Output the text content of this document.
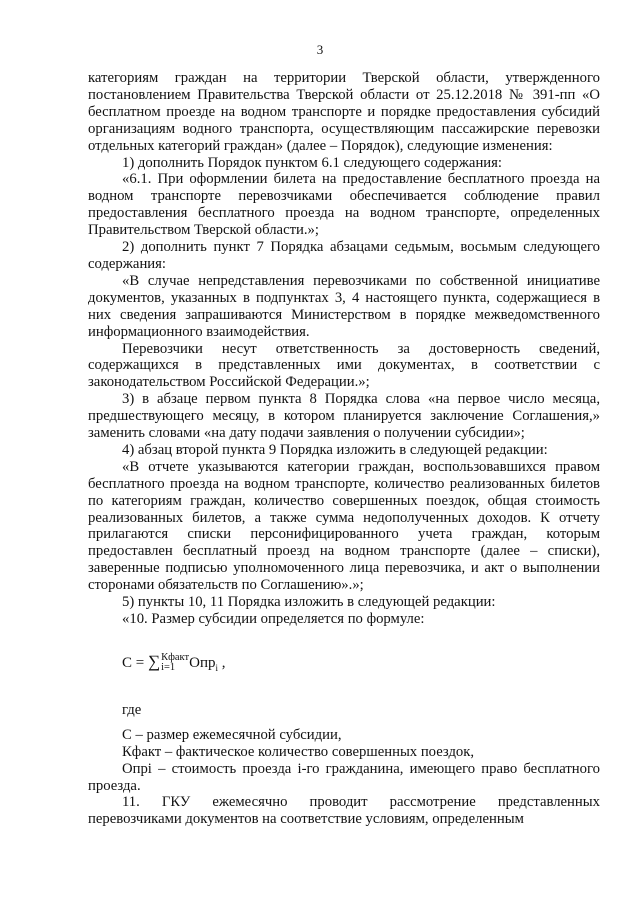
3

категориям граждан на территории Тверской области, утвержденного постановлением Правительства Тверской области от 25.12.2018 № 391-пп «О бесплатном проезде на водном транспорте и порядке предоставления субсидий организациям водного транспорта, осуществляющим пассажирские перевозки отдельных категорий граждан» (далее – Порядок), следующие изменения:

1) дополнить Порядок пунктом 6.1 следующего содержания:

«6.1. При оформлении билета на предоставление бесплатного проезда на водном транспорте перевозчиками обеспечивается соблюдение правил предоставления бесплатного проезда на водном транспорте, определенных Правительством Тверской области.»;

2) дополнить пункт 7 Порядка абзацами седьмым, восьмым следующего содержания:

«В случае непредставления перевозчиками по собственной инициативе документов, указанных в подпунктах 3, 4 настоящего пункта, содержащиеся в них сведения запрашиваются Министерством в порядке межведомственного информационного взаимодействия.

Перевозчики несут ответственность за достоверность сведений, содержащихся в представленных ими документах, в соответствии с законодательством Российской Федерации.»;

3) в абзаце первом пункта 8 Порядка слова «на первое число месяца, предшествующего месяцу, в котором планируется заключение Соглашения,» заменить словами «на дату подачи заявления о получении субсидии»;

4) абзац второй пункта 9 Порядка изложить в следующей редакции:

«В отчете указываются категории граждан, воспользовавшихся правом бесплатного проезда на водном транспорте, количество реализованных билетов по категориям граждан, количество совершенных поездок, общая стоимость реализованных билетов, а также сумма недополученных доходов. К отчету прилагаются списки персонифицированного учета граждан, которым предоставлен бесплатный проезд на водном транспорте (далее – списки), заверенные подписью уполномоченного лица перевозчика, и акт о выполнении сторонами обязательств по Соглашению».»;

5) пункты 10, 11 Порядка изложить в следующей редакции:

«10. Размер субсидии определяется по формуле:

С = ∑ Кфакт
i=1 Опр$_i$ ,

где

С – размер ежемесячной субсидии,

Кфакт – фактическое количество совершенных поездок,

Oпрi – стоимость проезда i-го гражданина, имеющего право бесплатного проезда.

11. ГКУ ежемесячно проводит рассмотрение представленных перевозчиками документов на соответствие условиям, определенным
